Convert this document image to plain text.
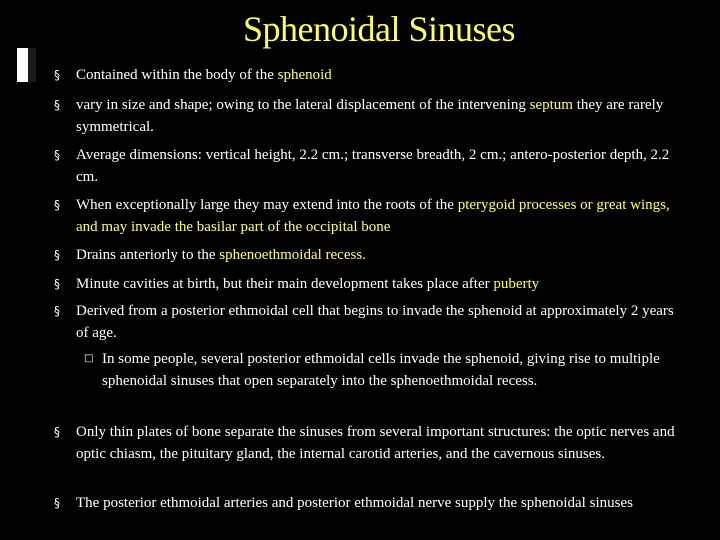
Sphenoidal Sinuses
§ Contained within the body of the sphenoid
§ vary in size and shape; owing to the lateral displacement of the intervening septum they are rarely symmetrical.
§ Average dimensions: vertical height, 2.2 cm.; transverse breadth, 2 cm.; antero-posterior depth, 2.2 cm.
§ When exceptionally large they may extend into the roots of the pterygoid processes or great wings, and may invade the basilar part of the occipital bone
§ Drains anteriorly to the sphenoethmoidal recess.
§ Minute cavities at birth, but their main development takes place after puberty
§ Derived from a posterior ethmoidal cell that begins to invade the sphenoid at approximately 2 years of age.
□ In some people, several posterior ethmoidal cells invade the sphenoid, giving rise to multiple sphenoidal sinuses that open separately into the sphenoethmoidal recess.
§ Only thin plates of bone separate the sinuses from several important structures: the optic nerves and optic chiasm, the pituitary gland, the internal carotid arteries, and the cavernous sinuses.
§ The posterior ethmoidal arteries and posterior ethmoidal nerve supply the sphenoidal sinuses
